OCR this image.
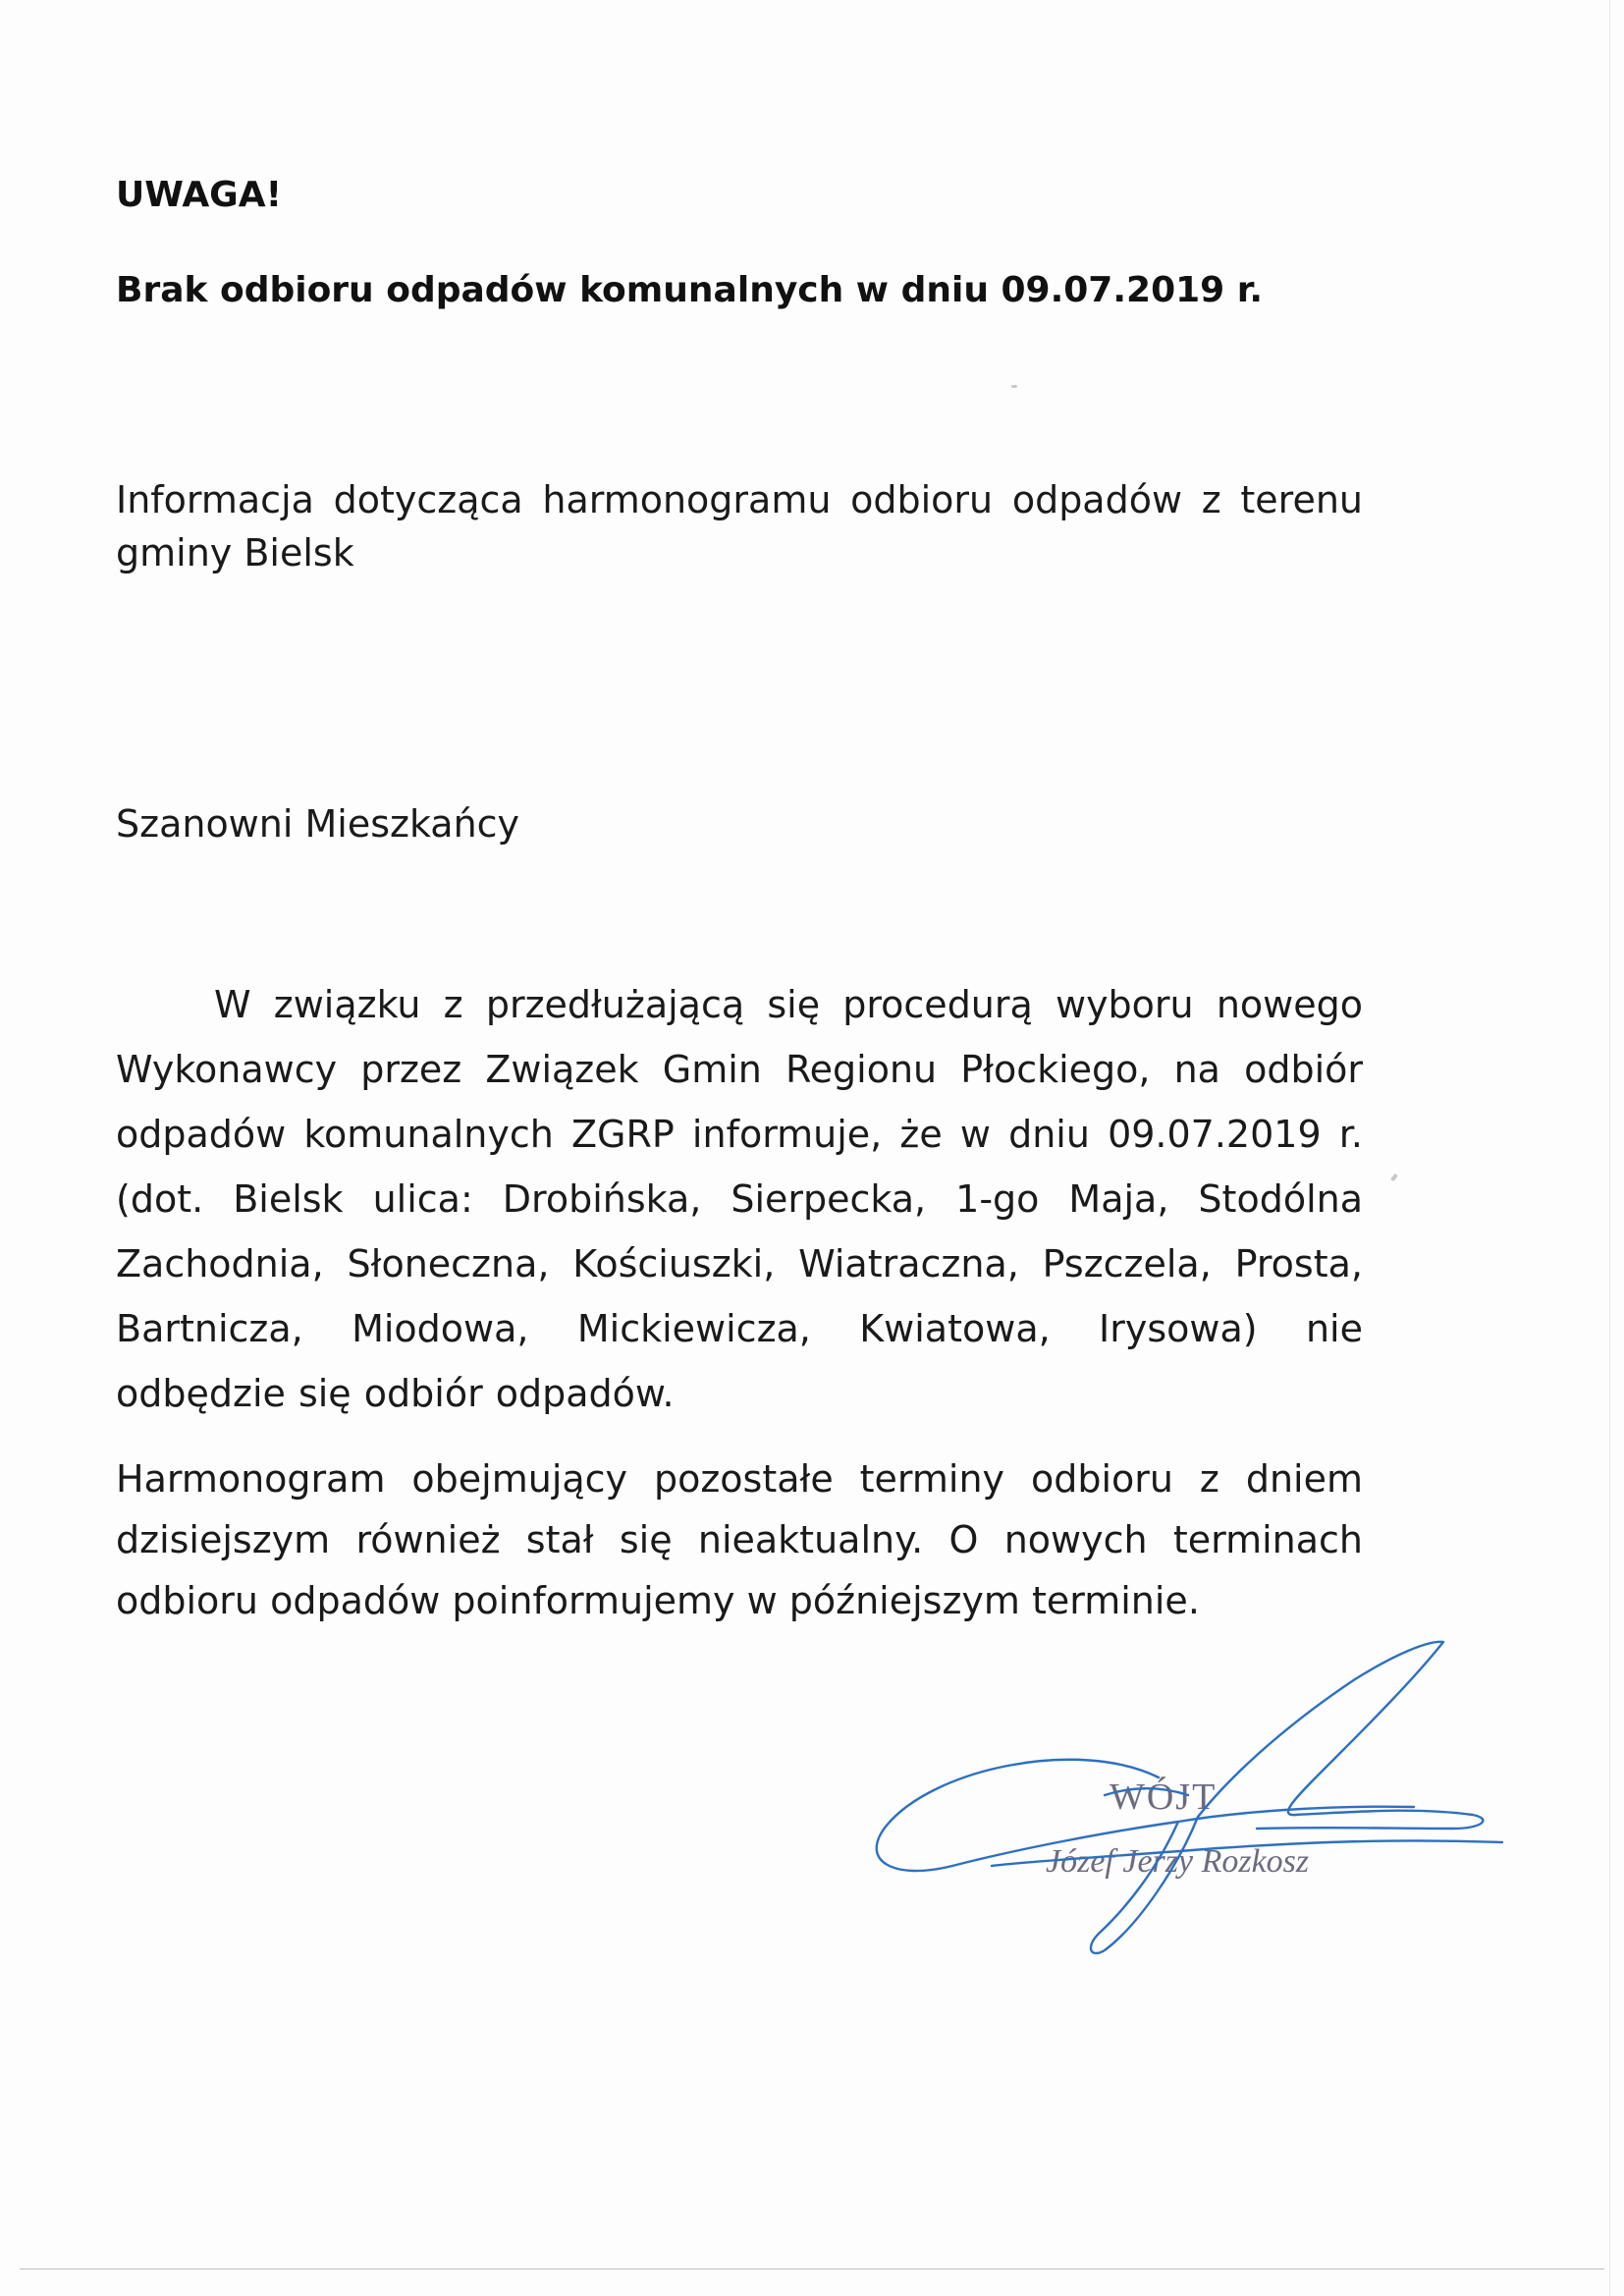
UWAGA!
Brak odbioru odpadów komunalnych w dniu 09.07.2019 r.
Informacja dotycząca harmonogramu odbioru odpadów z terenu gminy Bielsk
Szanowni Mieszkańcy
W związku z przedłużającą się procedurą wyboru nowego Wykonawcy przez Związek Gmin Regionu Płockiego, na odbiór odpadów komunalnych ZGRP informuje, że w dniu 09.07.2019 r. (dot. Bielsk ulica: Drobińska, Sierpecka, 1-go Maja, Stodólna Zachodnia, Słoneczna, Kościuszki, Wiatraczna, Pszczela, Prosta, Bartnicza, Miodowa, Mickiewicza, Kwiatowa, Irysowa) nie odbędzie się odbiór odpadów.
Harmonogram obejmujący pozostałe terminy odbioru z dniem dzisiejszym również stał się nieaktualny. O nowych terminach odbioru odpadów poinformujemy w późniejszym terminie.
WÓJT
Józef Jerzy Rozkosz
